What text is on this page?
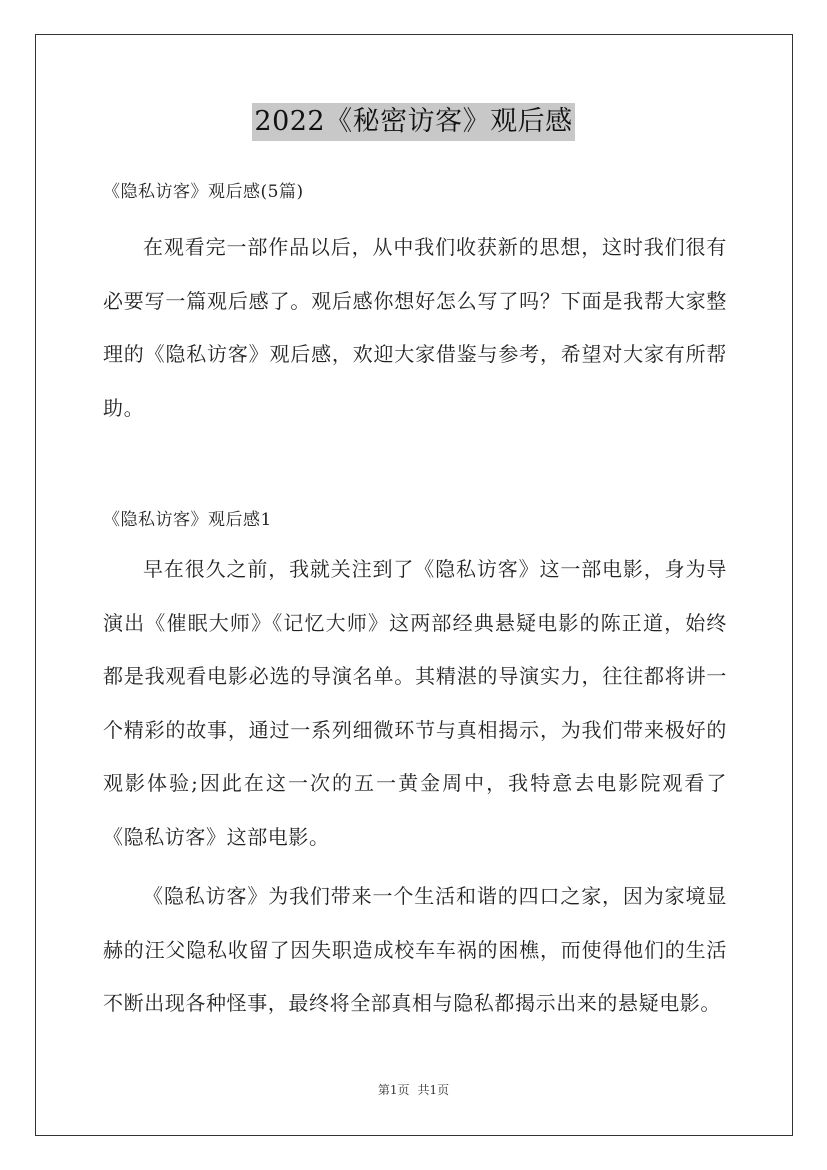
2022《秘密访客》观后感
《隐私访客》观后感(5篇)

在观看完一部作品以后，从中我们收获新的思想，这时我们很有必要写一篇观后感了。观后感你想好怎么写了吗？下面是我帮大家整理的《隐私访客》观后感，欢迎大家借鉴与参考，希望对大家有所帮助。

《隐私访客》观后感1

早在很久之前，我就关注到了《隐私访客》这一部电影，身为导演出《催眠大师》《记忆大师》这两部经典悬疑电影的陈正道，始终都是我观看电影必选的导演名单。其精湛的导演实力，往往都将讲一个精彩的故事，通过一系列细微环节与真相揭示，为我们带来极好的观影体验;因此在这一次的五一黄金周中，我特意去电影院观看了《隐私访客》这部电影。

《隐私访客》为我们带来一个生活和谐的四口之家，因为家境显赫的汪父隐私收留了因失职造成校车车祸的困樵，而使得他们的生活不断出现各种怪事，最终将全部真相与隐私都揭示出来的悬疑电影。

第1页 共1页
